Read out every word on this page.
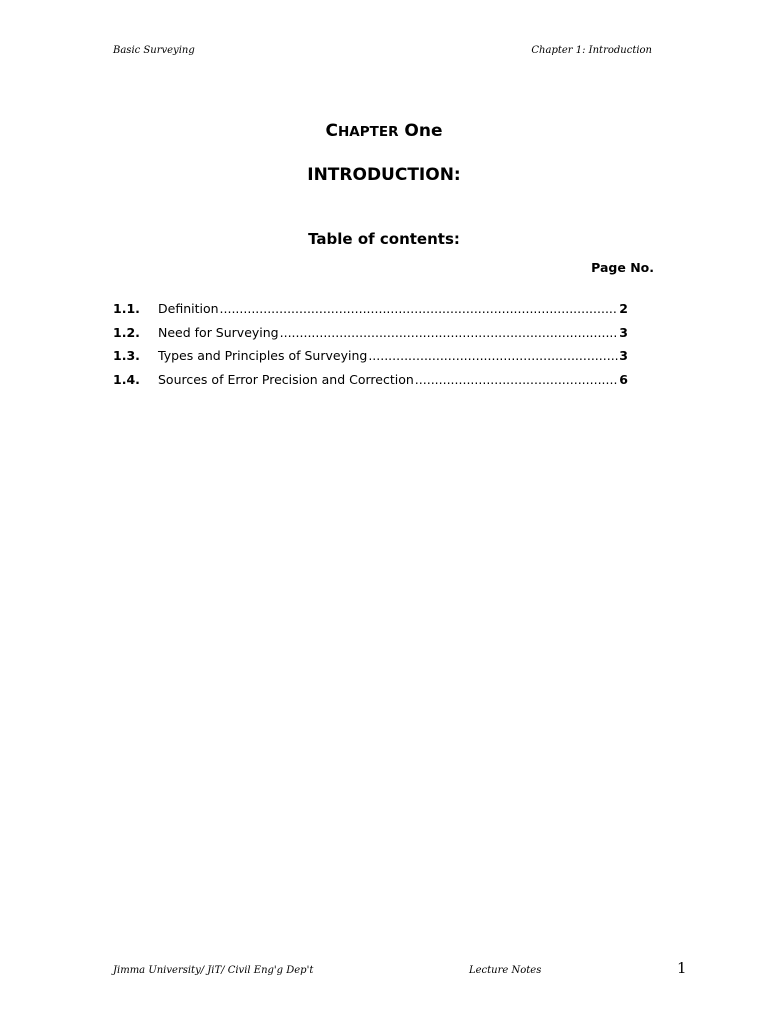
Basic Surveying	Chapter 1: Introduction
CHAPTER One
INTRODUCTION:
Table of contents:
Page No.
1.1.	Definition .....	2
1.2.	Need for Surveying .....	3
1.3.	Types and Principles of Surveying .....	3
1.4.	Sources of Error Precision and Correction .....	6
Jimma University/ JiT/ Civil Eng'g Dep't	Lecture Notes	1
